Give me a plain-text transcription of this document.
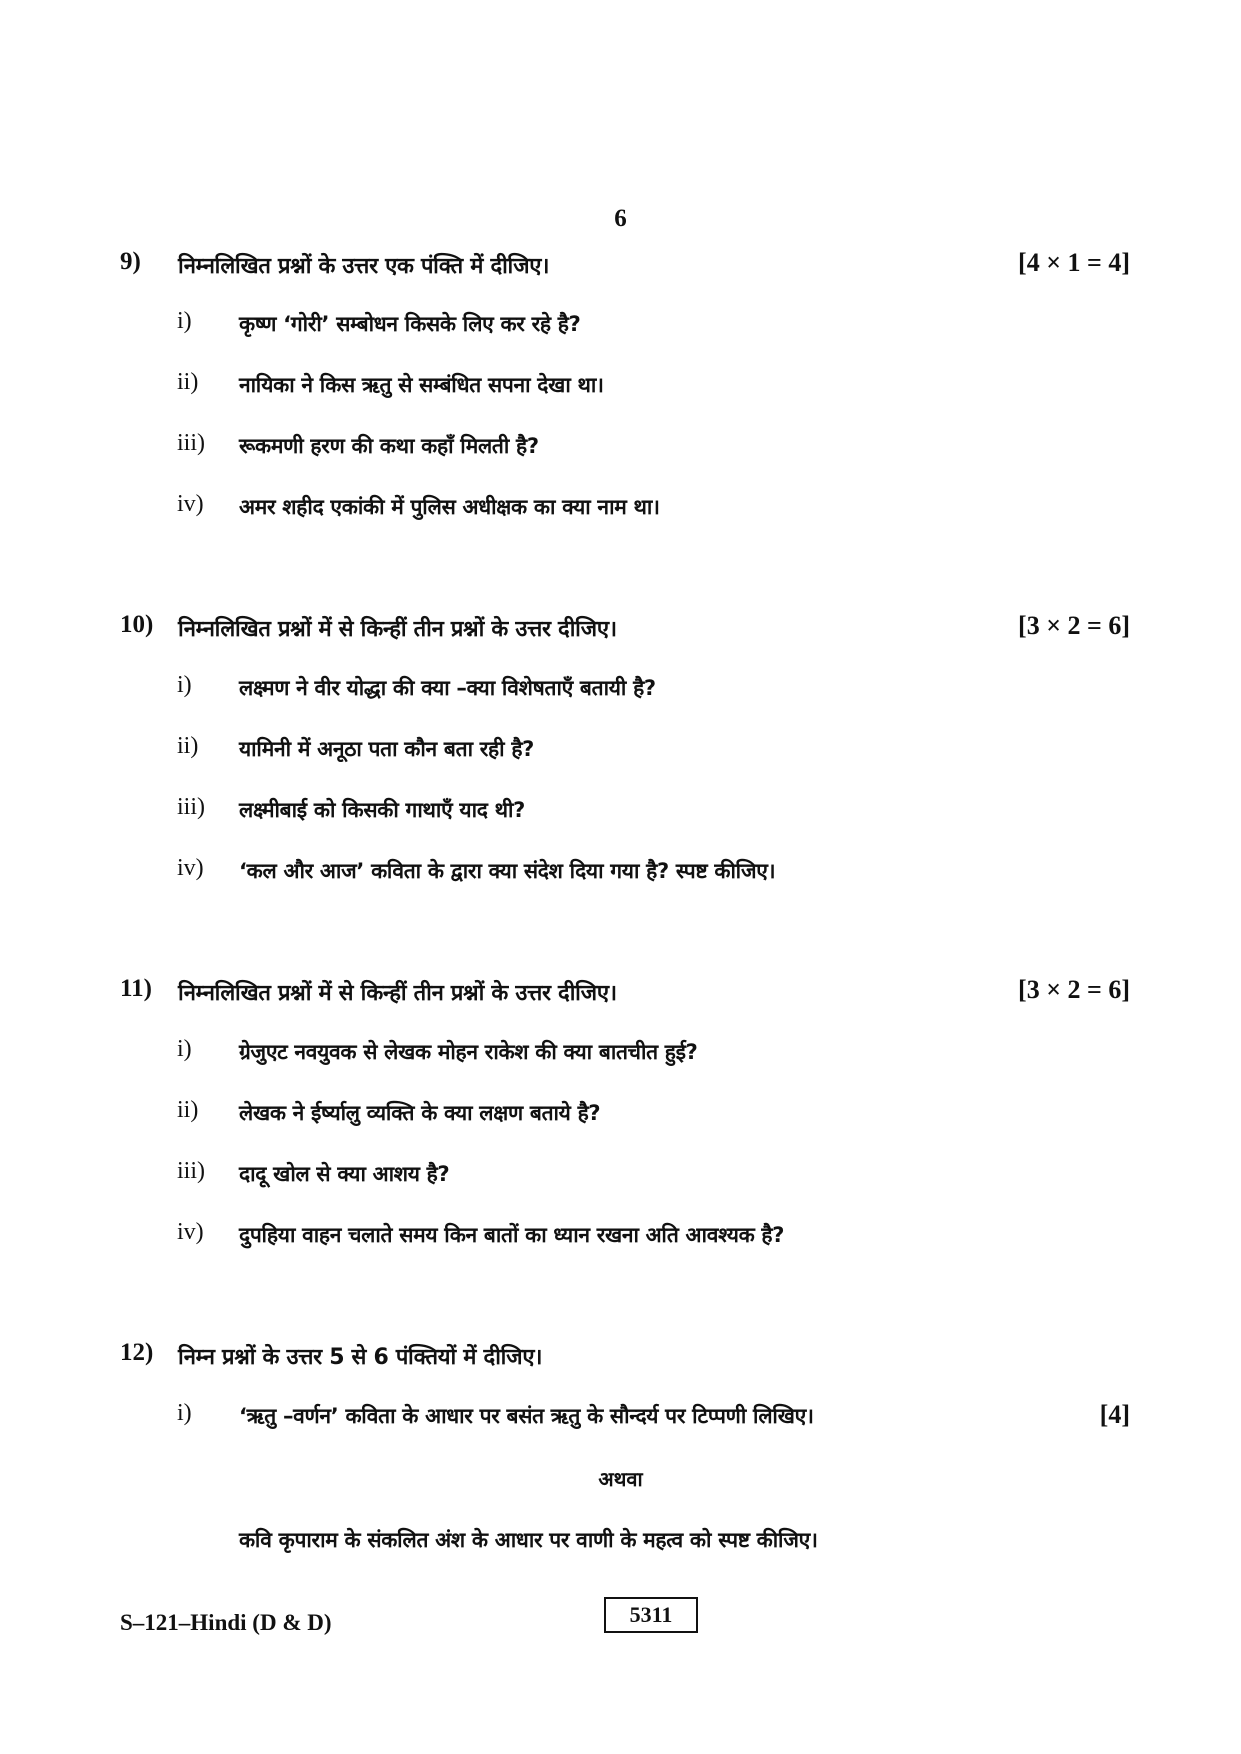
6
9) निम्नलिखित प्रश्नों के उत्तर एक पंक्ति में दीजिए।	[4 × 1 = 4]
i) कृष्ण ‘गोरी’ सम्बोधन किसके लिए कर रहे है?
ii) नायिका ने किस ऋतु से सम्बंधित सपना देखा था।
iii) रूकमणी हरण की कथा कहाँ मिलती है?
iv) अमर शहीद एकांकी में पुलिस अधीक्षक का क्या नाम था।
10) निम्नलिखित प्रश्नों में से किन्हीं तीन प्रश्नों के उत्तर दीजिए।	[3 × 2 = 6]
i) लक्ष्मण ने वीर योद्धा की क्या –क्या विशेषताएँ बतायी है?
ii) यामिनी में अनूठा पता कौन बता रही है?
iii) लक्ष्मीबाई को किसकी गाथाएँ याद थी?
iv) ‘कल और आज’ कविता के द्वारा क्या संदेश दिया गया है? स्पष्ट कीजिए।
11) निम्नलिखित प्रश्नों में से किन्हीं तीन प्रश्नों के उत्तर दीजिए।	[3 × 2 = 6]
i) ग्रेजुएट नवयुवक से लेखक मोहन राकेश की क्या बातचीत हुई?
ii) लेखक ने ईर्ष्यालु व्यक्ति के क्या लक्षण बताये है?
iii) दादू खोल से क्या आशय है?
iv) दुपहिया वाहन चलाते समय किन बातों का ध्यान रखना अति आवश्यक है?
12) निम्न प्रश्नों के उत्तर 5 से 6 पंक्तियों में दीजिए।
i) ‘ऋतु –वर्णन’ कविता के आधार पर बसंत ऋतु के सौन्दर्य पर टिप्पणी लिखिए।	[4]
अथवा
कवि कृपाराम के संकलित अंश के आधार पर वाणी के महत्व को स्पष्ट कीजिए।
S–121–Hindi (D & D)	5311
